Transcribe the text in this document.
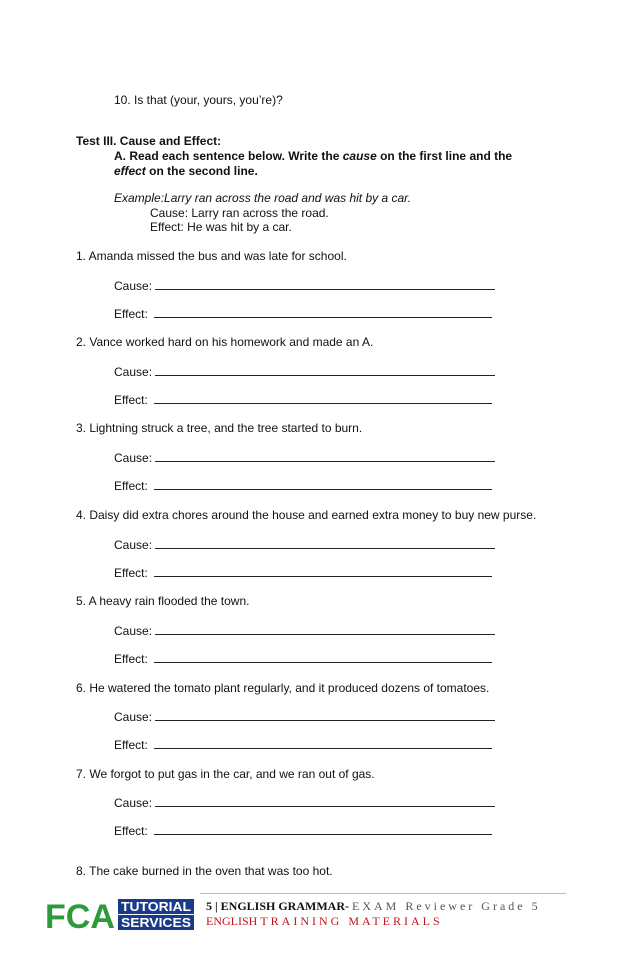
10. Is that (your, yours, you’re)?
Test III. Cause and Effect:
A. Read each sentence below. Write the cause on the first line and the
effect on the second line.
Example:Larry ran across the road and was hit by a car.
Cause: Larry ran across the road.
Effect: He was hit by a car.
1. Amanda missed the bus and was late for school.
Cause:
Effect:
2. Vance worked hard on his homework and made an A.
Cause:
Effect:
3. Lightning struck a tree, and the tree started to burn.
Cause:
Effect:
4. Daisy did extra chores around the house and earned extra money to buy new purse.
Cause:
Effect:
5. A heavy rain flooded the town.
Cause:
Effect:
6. He watered the tomato plant regularly, and it produced dozens of tomatoes.
Cause:
Effect:
7. We forgot to put gas in the car, and we ran out of gas.
Cause:
Effect:
8. The cake burned in the oven that was too hot.
FCA TUTORIAL
SERVICES
5 | ENGLISH GRAMMAR- EXAM Reviewer Grade 5
ENGLISH TRAINING MATERIALS
